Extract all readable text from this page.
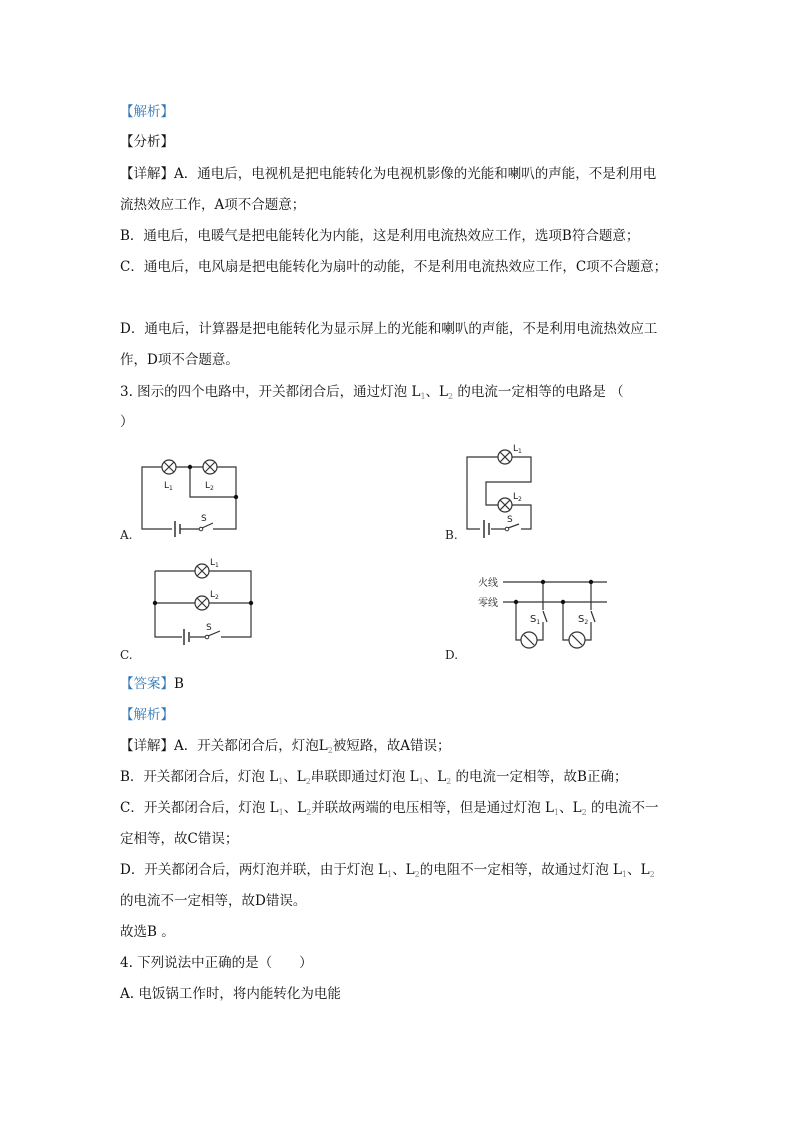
【解析】
【分析】
【详解】A．通电后，电视机是把电能转化为电视机影像的光能和喇叭的声能，不是利用电
流热效应工作，A项不合题意；
B．通电后，电暖气是把电能转化为内能，这是利用电流热效应工作，选项B符合题意；
C．通电后，电风扇是把电能转化为扇叶的动能，不是利用电流热效应工作，C项不合题意；
D．通电后，计算器是把电能转化为显示屏上的光能和喇叭的声能，不是利用电流热效应工
作，D项不合题意。
3. 图示的四个电路中，开关都闭合后，通过灯泡 $L_1$、$L_2$ 的电流一定相等的电路是 （
）
【答案】B
【解析】
【详解】A．开关都闭合后，灯泡$L_2$被短路，故A错误；
B．开关都闭合后，灯泡 $L_1$、$L_2$串联即通过灯泡 $L_1$、$L_2$ 的电流一定相等，故B正确；
C．开关都闭合后，灯泡 $L_1$、$L_2$并联故两端的电压相等，但是通过灯泡 $L_1$、$L_2$ 的电流不一
定相等，故C错误；
D．开关都闭合后，两灯泡并联，由于灯泡 $L_1$、$L_2$的电阻不一定相等，故通过灯泡 $L_1$、$L_2$
的电流不一定相等，故D错误。
故选B 。
4. 下列说法中正确的是（　　）
A. 电饭锅工作时，将内能转化为电能
$L_1$	$L_2$
S
A.
$L_1$
$L_2$
S
B.
$L_1$
$L_2$
S
C.
火线
零线
$S_1$	$S_2$
D.
